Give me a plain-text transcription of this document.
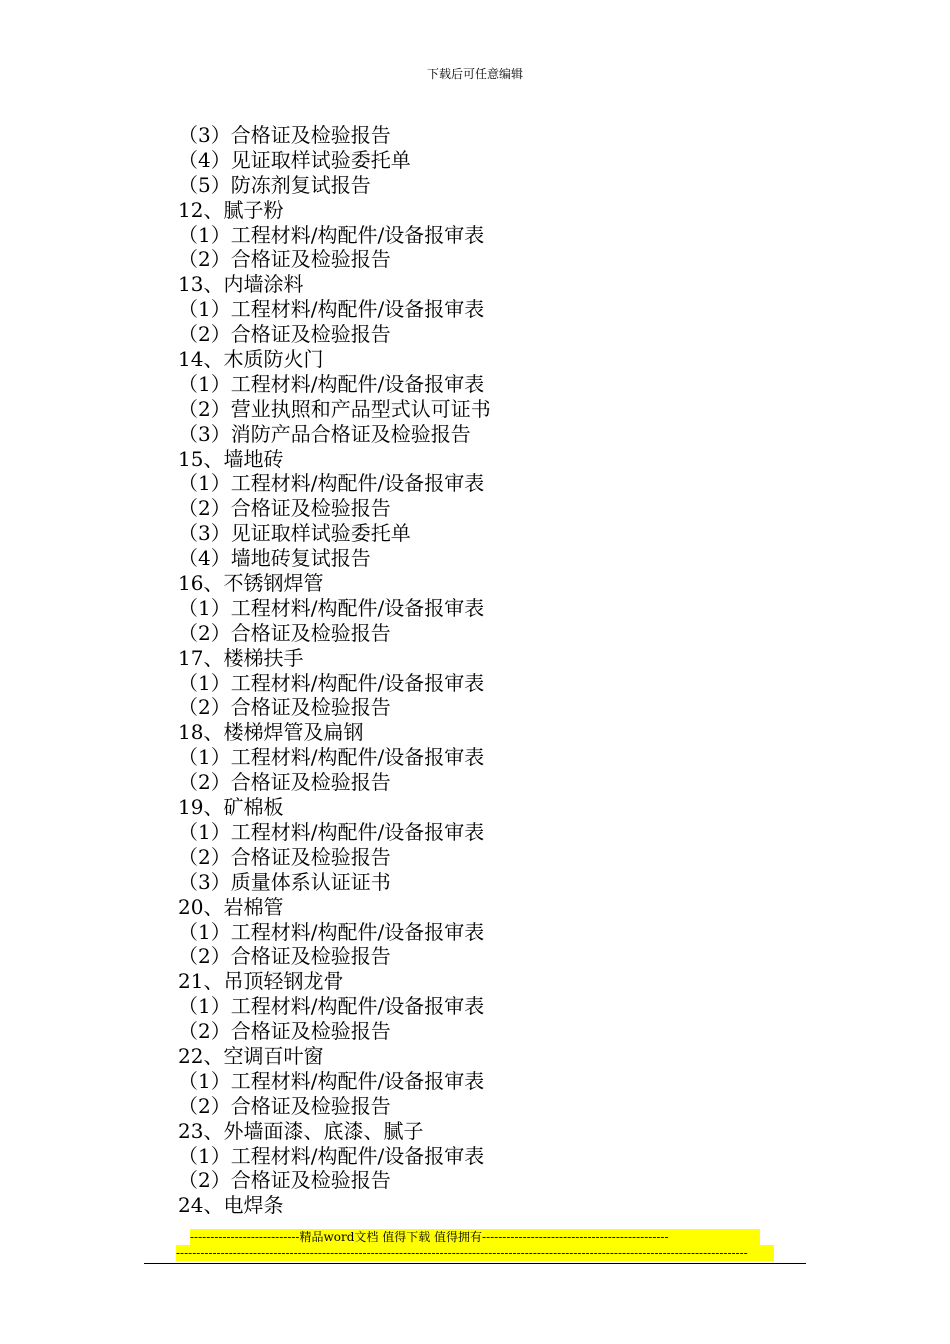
下载后可任意编辑
（3）合格证及检验报告
（4）见证取样试验委托单
（5）防冻剂复试报告
12、腻子粉
（1）工程材料/构配件/设备报审表
（2）合格证及检验报告
13、内墙涂料
（1）工程材料/构配件/设备报审表
（2）合格证及检验报告
14、木质防火门
（1）工程材料/构配件/设备报审表
（2）营业执照和产品型式认可证书
（3）消防产品合格证及检验报告
15、墙地砖
（1）工程材料/构配件/设备报审表
（2）合格证及检验报告
（3）见证取样试验委托单
（4）墙地砖复试报告
16、不锈钢焊管
（1）工程材料/构配件/设备报审表
（2）合格证及检验报告
17、楼梯扶手
（1）工程材料/构配件/设备报审表
（2）合格证及检验报告
18、楼梯焊管及扁钢
（1）工程材料/构配件/设备报审表
（2）合格证及检验报告
19、矿棉板
（1）工程材料/构配件/设备报审表
（2）合格证及检验报告
（3）质量体系认证证书
20、岩棉管
（1）工程材料/构配件/设备报审表
（2）合格证及检验报告
21、吊顶轻钢龙骨
（1）工程材料/构配件/设备报审表
（2）合格证及检验报告
22、空调百叶窗
（1）工程材料/构配件/设备报审表
（2）合格证及检验报告
23、外墙面漆、底漆、腻子
（1）工程材料/构配件/设备报审表
（2）合格证及检验报告
24、电焊条
---------------------------精品word文档 值得下载 值得拥有----------------------------------------------
---------------------------------------------------------------------------------------------------------------------------------------------
